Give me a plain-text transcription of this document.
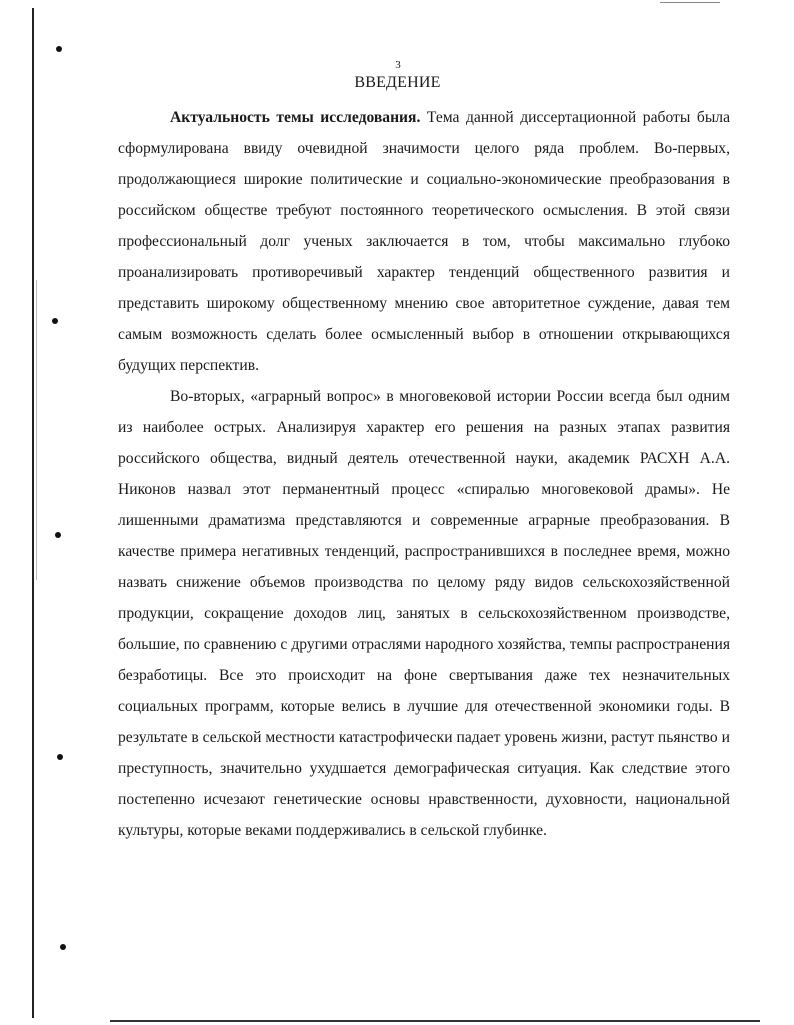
3
ВВЕДЕНИЕ

Актуальность темы исследования. Тема данной диссертационной работы была сформулирована ввиду очевидной значимости целого ряда проблем. Во-первых, продолжающиеся широкие политические и социально-экономические преобразования в российском обществе требуют постоянного теоретического осмысления. В этой связи профессиональный долг ученых заключается в том, чтобы максимально глубоко проанализировать противоречивый характер тенденций общественного развития и представить широкому общественному мнению свое авторитетное суждение, давая тем самым возможность сделать более осмысленный выбор в отношении открывающихся будущих перспектив.

Во-вторых, «аграрный вопрос» в многовековой истории России всегда был одним из наиболее острых. Анализируя характер его решения на разных этапах развития российского общества, видный деятель отечественной науки, академик РАСХН А.А. Никонов назвал этот перманентный процесс «спиралью многовековой драмы». Не лишенными драматизма представляются и современные аграрные преобразования. В качестве примера негативных тенденций, распространившихся в последнее время, можно назвать снижение объемов производства по целому ряду видов сельскохозяйственной продукции, сокращение доходов лиц, занятых в сельскохозяйственном производстве, большие, по сравнению с другими отраслями народного хозяйства, темпы распространения безработицы. Все это происходит на фоне свертывания даже тех незначительных социальных программ, которые велись в лучшие для отечественной экономики годы. В результате в сельской местности катастрофически падает уровень жизни, растут пьянство и преступность, значительно ухудшается демографическая ситуация. Как следствие этого постепенно исчезают генетические основы нравственности, духовности, национальной культуры, которые веками поддерживались в сельской глубинке.
